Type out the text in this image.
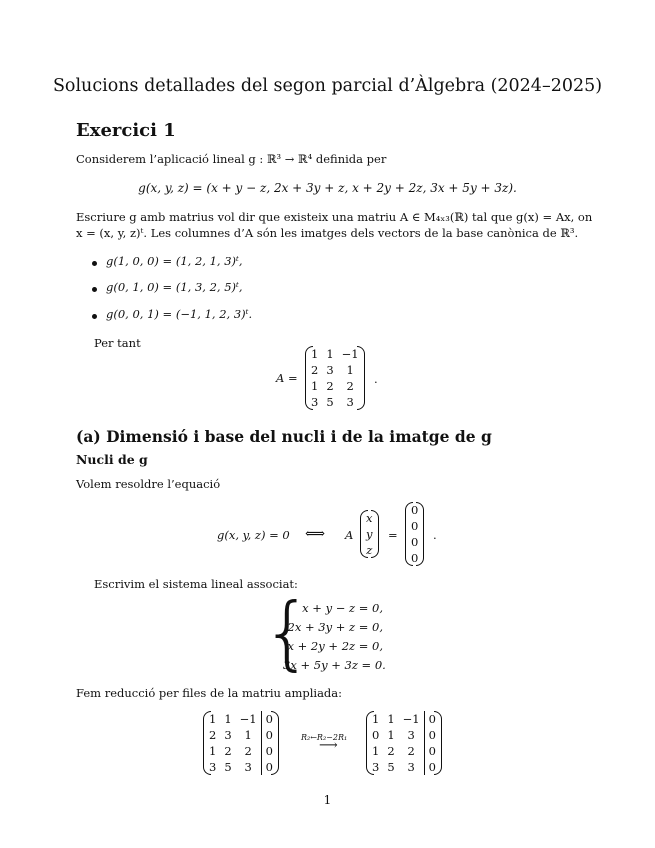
Solucions detallades del segon parcial d’Àlgebra (2024–2025)
Exercici 1
Considerem l’aplicació lineal g : ℝ³ → ℝ⁴ definida per
g(x, y, z) = (x + y − z, 2x + 3y + z, x + 2y + 2z, 3x + 5y + 3z).
Escriure g amb matrius vol dir que existeix una matriu A ∈ M₄ₓ₃(ℝ) tal que g(x) = Ax, on
x = (x, y, z)ᵗ. Les columnes d’A són les imatges dels vectors de la base canònica de ℝ³.
g(1, 0, 0) = (1, 2, 1, 3)ᵗ,
g(0, 1, 0) = (1, 3, 2, 5)ᵗ,
g(0, 0, 1) = (−1, 1, 2, 3)ᵗ.
Per tant
A =
1	1	−1
2	3	1
1	2	2
3	5	3
.
(a) Dimensió i base del nucli i de la imatge de g
Nucli de g
Volem resoldre l’equació
g(x, y, z) = 0 ⟺ A
x
y
z
=
0
0
0
0
.
Escrivim el sistema lineal associat:
{
x + y − z = 0,
2x + 3y + z = 0,
x + 2y + 2z = 0,
3x + 5y + 3z = 0.
Fem reducció per files de la matriu ampliada:
1	1	−1	0
2	3	1	0
1	2	2	0
3	5	3	0
R₂←R₂−2R₁
⟶
1	1	−1	0
0	1	3	0
1	2	2	0
3	5	3	0
1
